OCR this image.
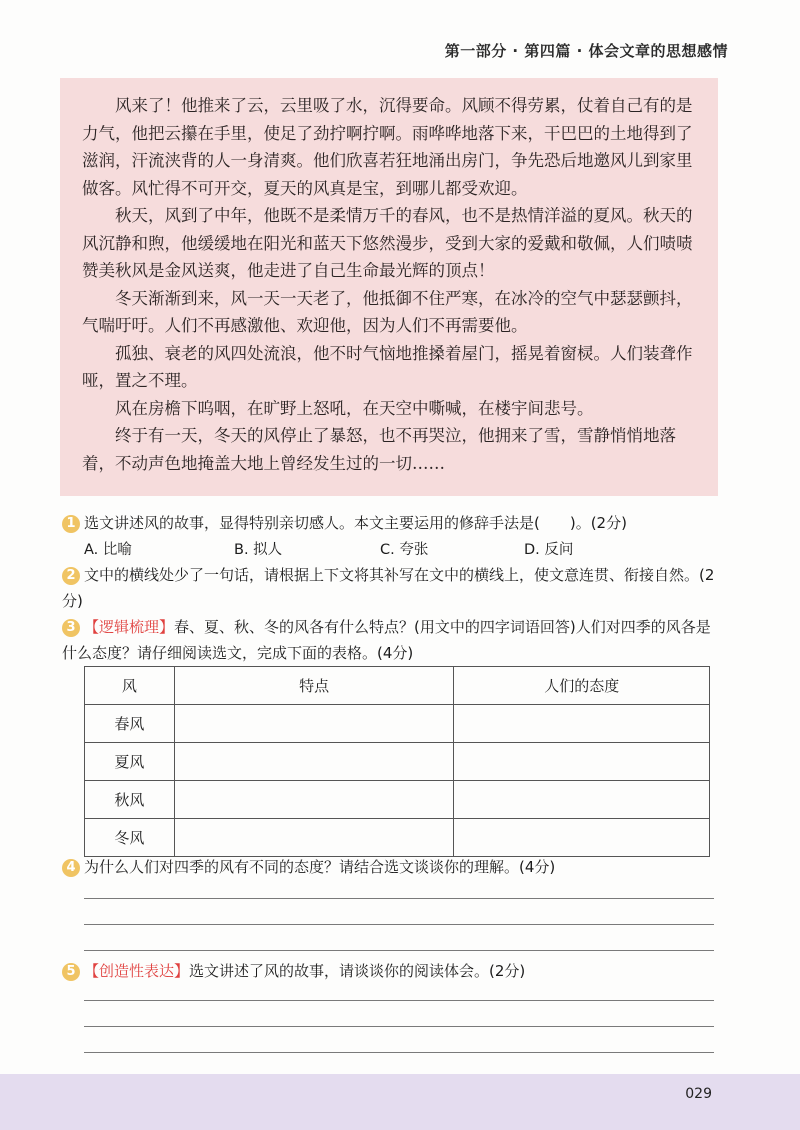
第一部分 · 第四篇 · 体会文章的思想感情

风来了！他推来了云，云里吸了水，沉得要命。风顾不得劳累，仗着自己有的是力气，他把云攥在手里，使足了劲拧啊拧啊。雨哗哗地落下来，干巴巴的土地得到了滋润，汗流浃背的人一身清爽。他们欣喜若狂地涌出房门，争先恐后地邀风儿到家里做客。风忙得不可开交，夏天的风真是宝，到哪儿都受欢迎。

秋天，风到了中年，他既不是柔情万千的春风，也不是热情洋溢的夏风。秋天的风沉静和煦，他缓缓地在阳光和蓝天下悠然漫步，受到大家的爱戴和敬佩，人们啧啧赞美秋风是金风送爽，他走进了自己生命最光辉的顶点！

冬天渐渐到来，风一天一天老了，他抵御不住严寒，在冰冷的空气中瑟瑟颤抖，气喘吁吁。人们不再感激他、欢迎他，因为人们不再需要他。

孤独、衰老的风四处流浪，他不时气恼地推搡着屋门，摇晃着窗棂。人们装聋作哑，置之不理。

风在房檐下呜咽，在旷野上怒吼，在天空中嘶喊，在楼宇间悲号。

终于有一天，冬天的风停止了暴怒，也不再哭泣，他拥来了雪，雪静悄悄地落着，不动声色地掩盖大地上曾经发生过的一切……

1 选文讲述风的故事，显得特别亲切感人。本文主要运用的修辞手法是(　　)。(2分)
A. 比喻	B. 拟人	C. 夸张	D. 反问
2 文中的横线处少了一句话，请根据上下文将其补写在文中的横线上，使文意连贯、衔接自然。(2分)
3 【逻辑梳理】春、夏、秋、冬的风各有什么特点？(用文中的四字词语回答)人们对四季的风各是什么态度？请仔细阅读选文，完成下面的表格。(4分)
风	特点	人们的态度
春风		
夏风		
秋风		
冬风		
4 为什么人们对四季的风有不同的态度？请结合选文谈谈你的理解。(4分)
5 【创造性表达】选文讲述了风的故事，请谈谈你的阅读体会。(2分)
029
